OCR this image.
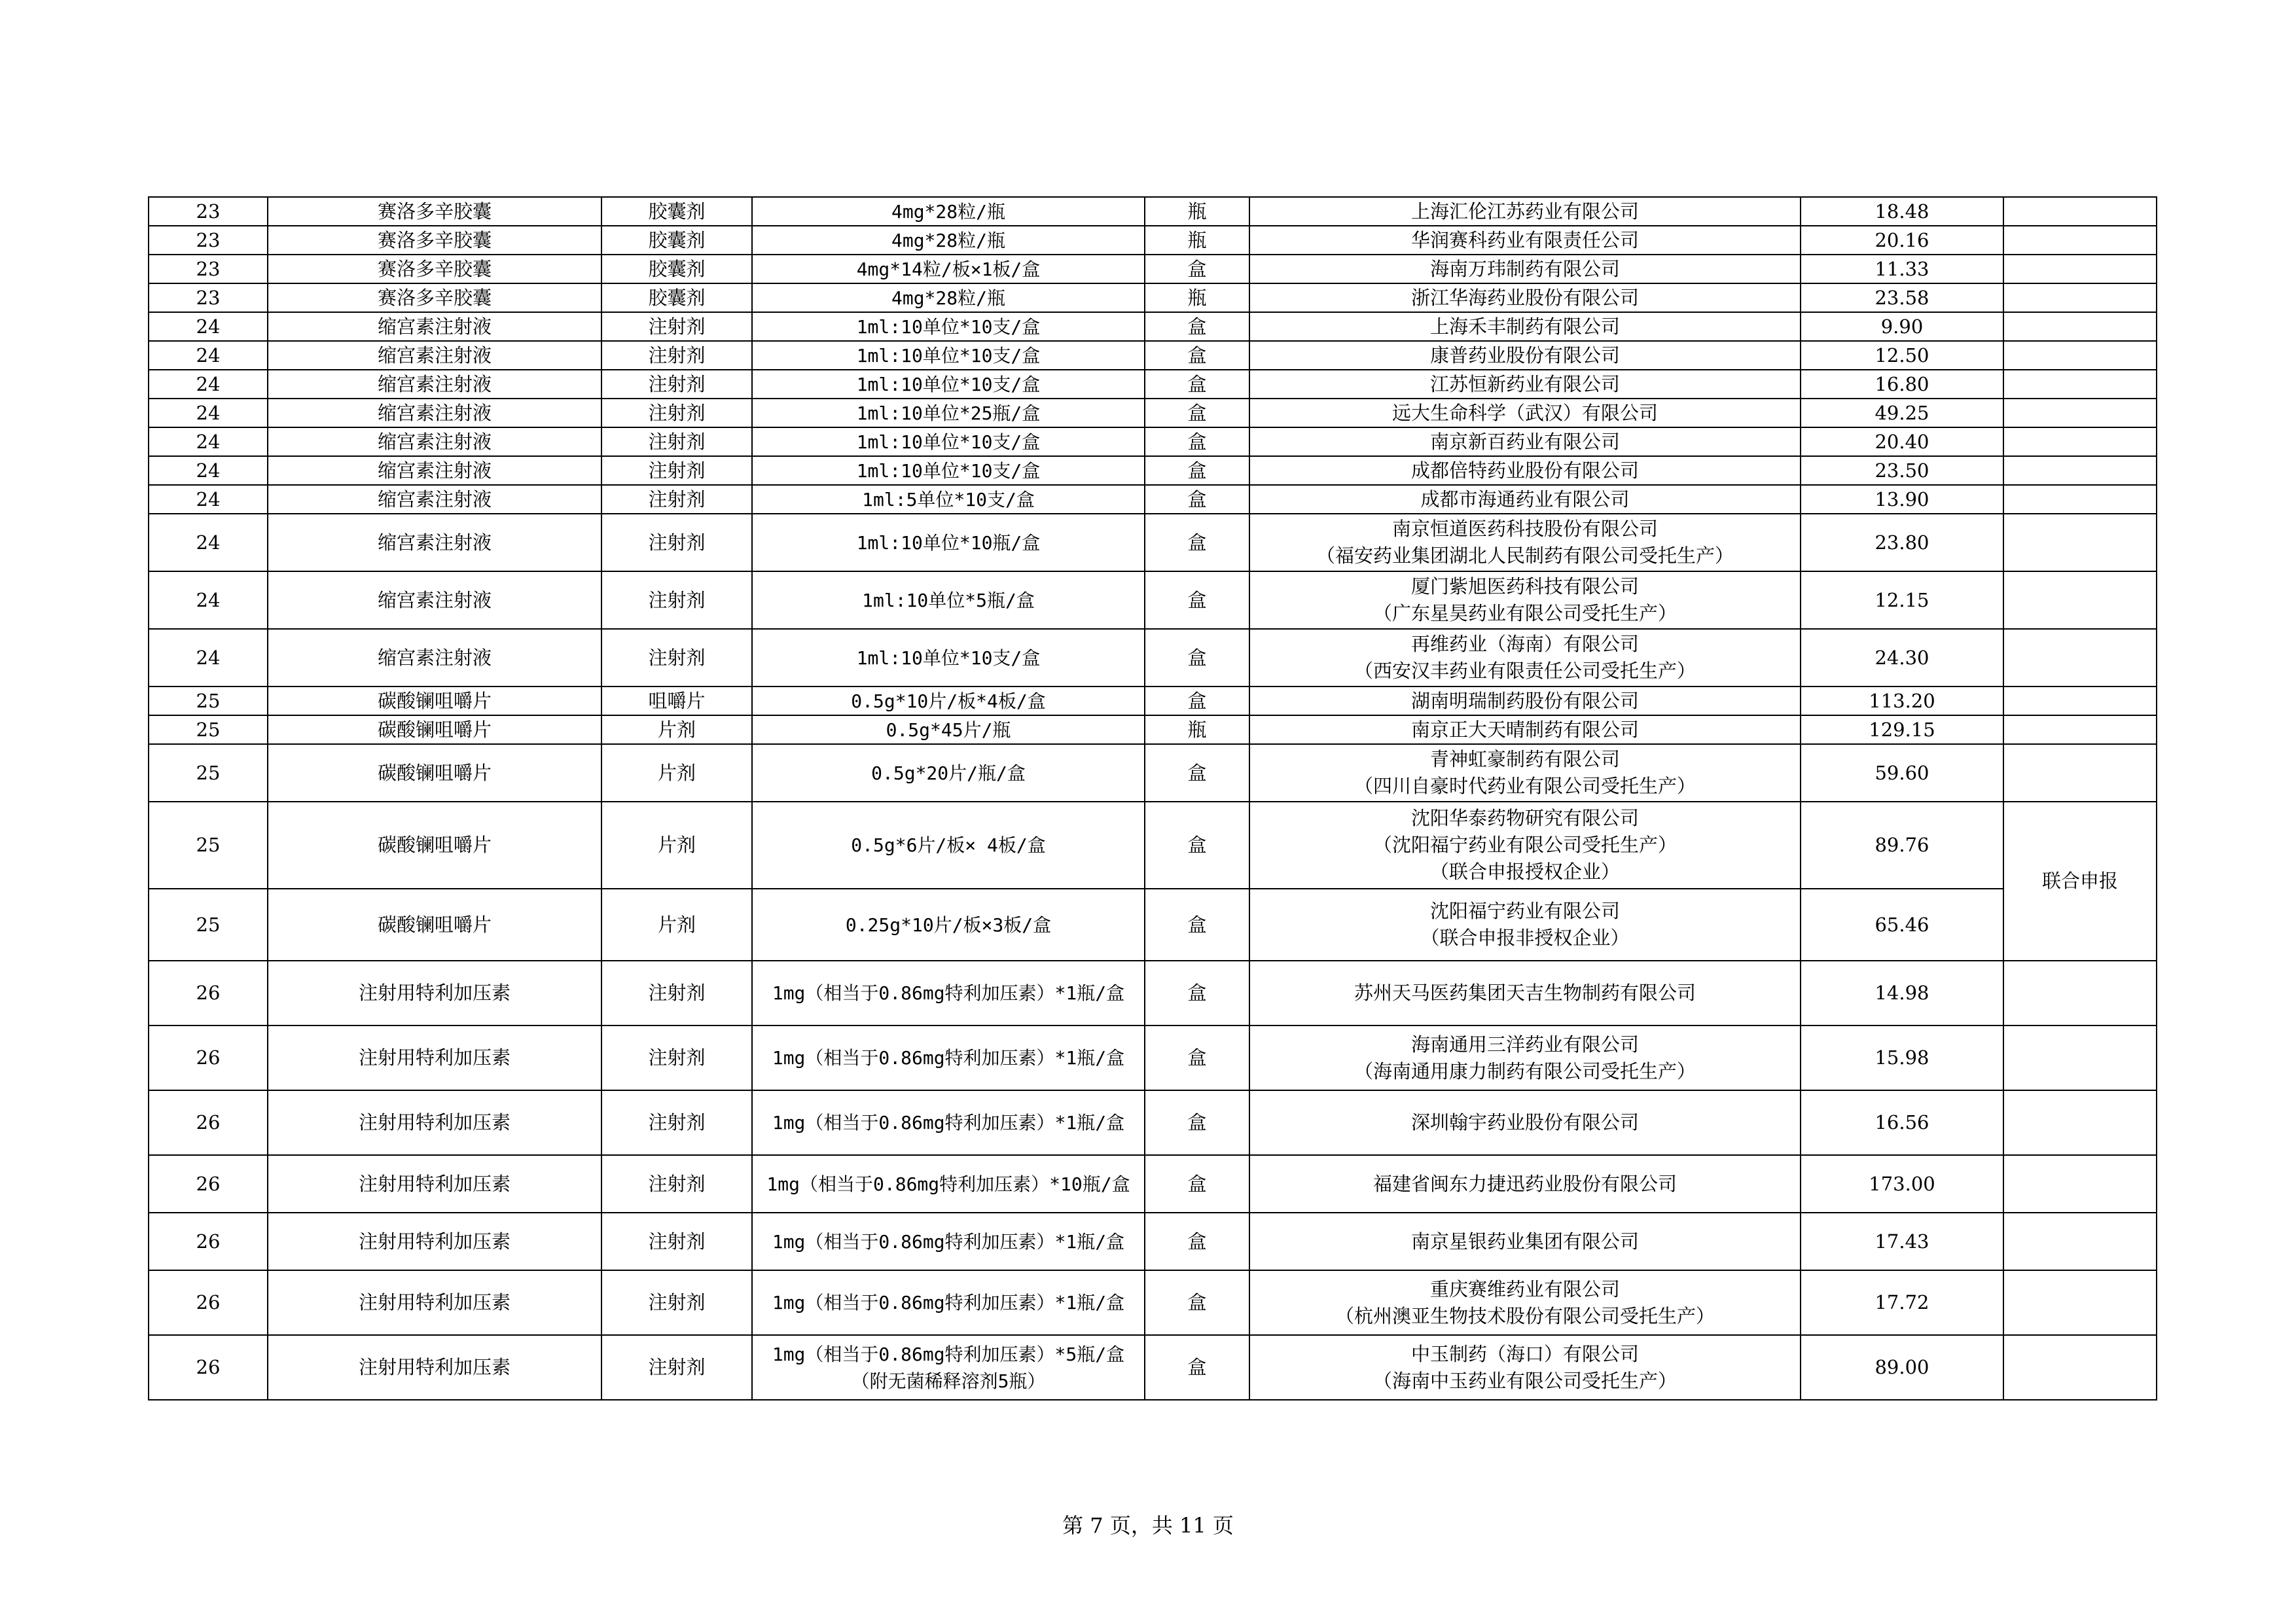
23	赛洛多辛胶囊	胶囊剂	4mg*28粒/瓶	瓶	上海汇伦江苏药业有限公司	18.48	
23	赛洛多辛胶囊	胶囊剂	4mg*28粒/瓶	瓶	华润赛科药业有限责任公司	20.16	
23	赛洛多辛胶囊	胶囊剂	4mg*14粒/板×1板/盒	盒	海南万玮制药有限公司	11.33	
23	赛洛多辛胶囊	胶囊剂	4mg*28粒/瓶	瓶	浙江华海药业股份有限公司	23.58	
24	缩宫素注射液	注射剂	1ml:10单位*10支/盒	盒	上海禾丰制药有限公司	9.90	
24	缩宫素注射液	注射剂	1ml:10单位*10支/盒	盒	康普药业股份有限公司	12.50	
24	缩宫素注射液	注射剂	1ml:10单位*10支/盒	盒	江苏恒新药业有限公司	16.80	
24	缩宫素注射液	注射剂	1ml:10单位*25瓶/盒	盒	远大生命科学（武汉）有限公司	49.25	
24	缩宫素注射液	注射剂	1ml:10单位*10支/盒	盒	南京新百药业有限公司	20.40	
24	缩宫素注射液	注射剂	1ml:10单位*10支/盒	盒	成都倍特药业股份有限公司	23.50	
24	缩宫素注射液	注射剂	1ml:5单位*10支/盒	盒	成都市海通药业有限公司	13.90	
24	缩宫素注射液	注射剂	1ml:10单位*10瓶/盒	盒	南京恒道医药科技股份有限公司
（福安药业集团湖北人民制药有限公司受托生产）	23.80	
24	缩宫素注射液	注射剂	1ml:10单位*5瓶/盒	盒	厦门紫旭医药科技有限公司
（广东星昊药业有限公司受托生产）	12.15	
24	缩宫素注射液	注射剂	1ml:10单位*10支/盒	盒	再维药业（海南）有限公司
（西安汉丰药业有限责任公司受托生产）	24.30	
25	碳酸镧咀嚼片	咀嚼片	0.5g*10片/板*4板/盒	盒	湖南明瑞制药股份有限公司	113.20	
25	碳酸镧咀嚼片	片剂	0.5g*45片/瓶	瓶	南京正大天晴制药有限公司	129.15	
25	碳酸镧咀嚼片	片剂	0.5g*20片/瓶/盒	盒	青神虹豪制药有限公司
（四川自豪时代药业有限公司受托生产）	59.60	
25	碳酸镧咀嚼片	片剂	0.5g*6片/板× 4板/盒	盒	沈阳华泰药物研究有限公司
（沈阳福宁药业有限公司受托生产）
（联合申报授权企业）	89.76	联合申报
25	碳酸镧咀嚼片	片剂	0.25g*10片/板×3板/盒	盒	沈阳福宁药业有限公司
（联合申报非授权企业）	65.46	
26	注射用特利加压素	注射剂	1mg（相当于0.86mg特利加压素）*1瓶/盒	盒	苏州天马医药集团天吉生物制药有限公司	14.98	
26	注射用特利加压素	注射剂	1mg（相当于0.86mg特利加压素）*1瓶/盒	盒	海南通用三洋药业有限公司
（海南通用康力制药有限公司受托生产）	15.98	
26	注射用特利加压素	注射剂	1mg（相当于0.86mg特利加压素）*1瓶/盒	盒	深圳翰宇药业股份有限公司	16.56	
26	注射用特利加压素	注射剂	1mg（相当于0.86mg特利加压素）*10瓶/盒	盒	福建省闽东力捷迅药业股份有限公司	173.00	
26	注射用特利加压素	注射剂	1mg（相当于0.86mg特利加压素）*1瓶/盒	盒	南京星银药业集团有限公司	17.43	
26	注射用特利加压素	注射剂	1mg（相当于0.86mg特利加压素）*1瓶/盒	盒	重庆赛维药业有限公司
（杭州澳亚生物技术股份有限公司受托生产）	17.72	
26	注射用特利加压素	注射剂	1mg（相当于0.86mg特利加压素）*5瓶/盒（附无菌稀释溶剂5瓶）	盒	中玉制药（海口）有限公司
（海南中玉药业有限公司受托生产）	89.00	
第 7 页，共 11 页
